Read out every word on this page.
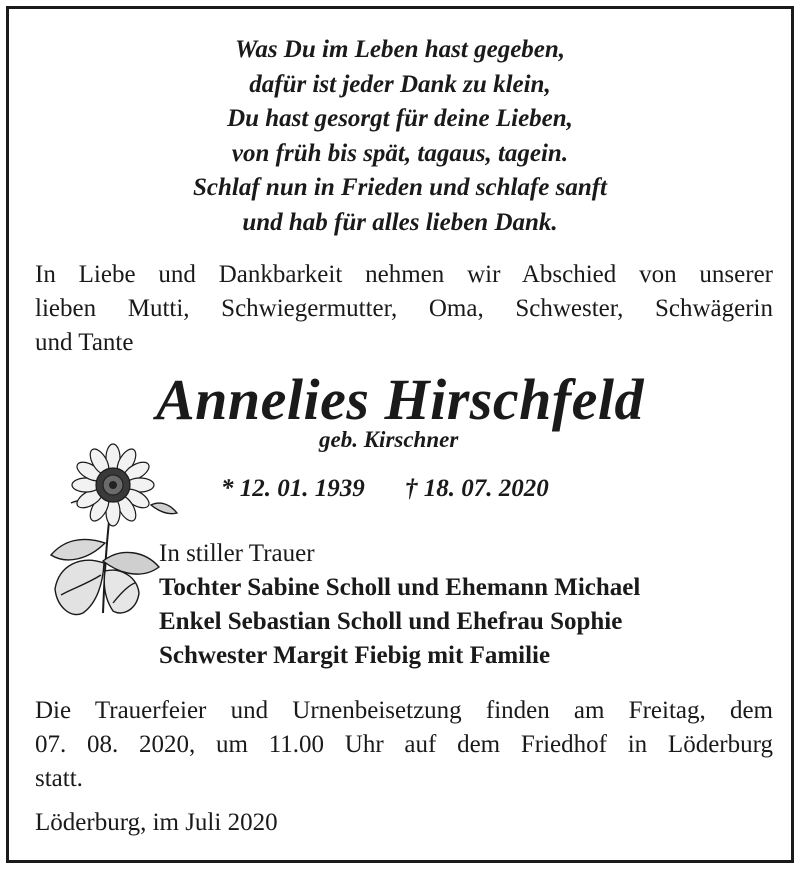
Was Du im Leben hast gegeben,
dafür ist jeder Dank zu klein,
Du hast gesorgt für deine Lieben,
von früh bis spät, tagaus, tagein.
Schlaf nun in Frieden und schlafe sanft
und hab für alles lieben Dank.
In Liebe und Dankbarkeit nehmen wir Abschied von unserer
lieben Mutti, Schwiegermutter, Oma, Schwester, Schwägerin
und Tante
Annelies Hirschfeld
geb. Kirschner
* 12. 01. 1939 † 18. 07. 2020
In stiller Trauer
Tochter Sabine Scholl und Ehemann Michael
Enkel Sebastian Scholl und Ehefrau Sophie
Schwester Margit Fiebig mit Familie
Die Trauerfeier und Urnenbeisetzung finden am Freitag, dem
07. 08. 2020, um 11.00 Uhr auf dem Friedhof in Löderburg
statt.
Löderburg, im Juli 2020
